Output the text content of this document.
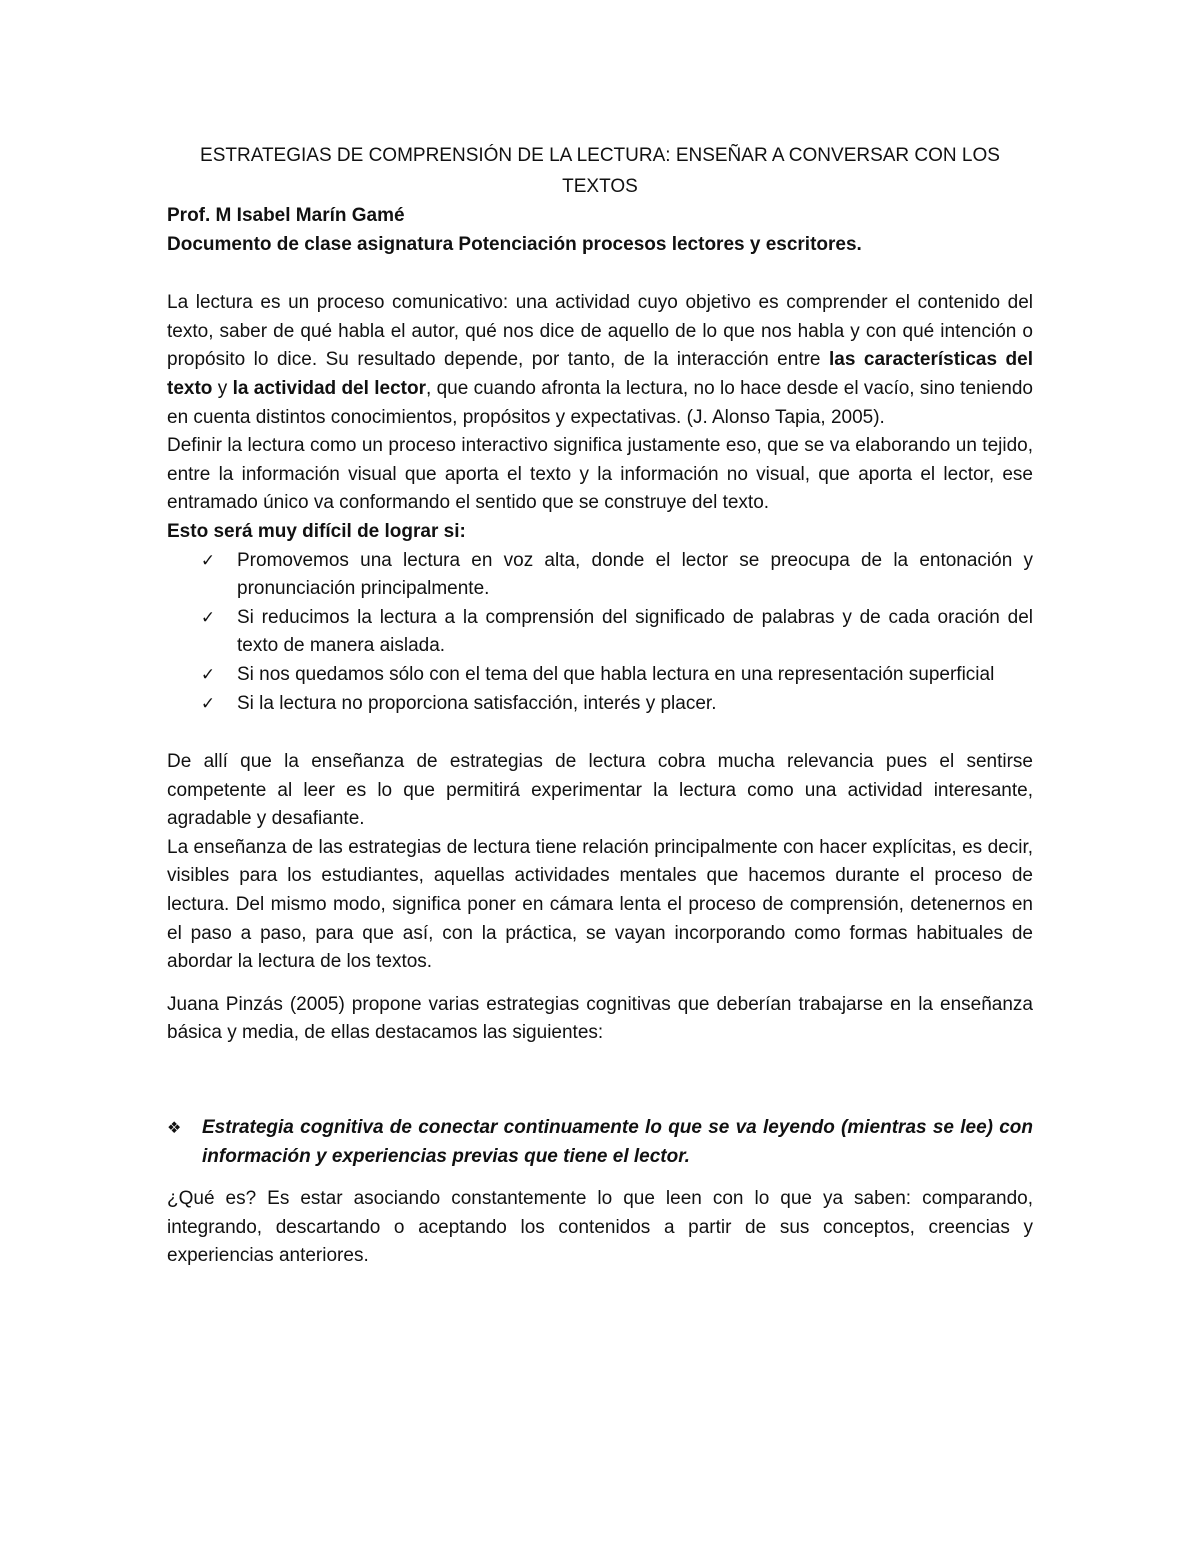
ESTRATEGIAS DE COMPRENSIÓN DE LA LECTURA: ENSEÑAR A CONVERSAR CON LOS TEXTOS

Prof. M Isabel Marín Gamé

Documento de clase asignatura Potenciación procesos lectores y escritores.

La lectura es un proceso comunicativo: una actividad cuyo objetivo es comprender el contenido del texto, saber de qué habla el autor, qué nos dice de aquello de lo que nos habla y con qué intención o propósito lo dice. Su resultado depende, por tanto, de la interacción entre las características del texto y la actividad del lector, que cuando afronta la lectura, no lo hace desde el vacío, sino teniendo en cuenta distintos conocimientos, propósitos y expectativas. (J. Alonso Tapia, 2005).

Definir la lectura como un proceso interactivo significa justamente eso, que se va elaborando un tejido, entre la información visual que aporta el texto y la información no visual, que aporta el lector, ese entramado único va conformando el sentido que se construye del texto.

Esto será muy difícil de lograr si:

✓ Promovemos una lectura en voz alta, donde el lector se preocupa de la entonación y pronunciación principalmente.
✓ Si reducimos la lectura a la comprensión del significado de palabras y de cada oración del texto de manera aislada.
✓ Si nos quedamos sólo con el tema del que habla lectura en una representación superficial
✓ Si la lectura no proporciona satisfacción, interés y placer.

De allí que la enseñanza de estrategias de lectura cobra mucha relevancia pues el sentirse competente al leer es lo que permitirá experimentar la lectura como una actividad interesante, agradable y desafiante.

La enseñanza de las estrategias de lectura tiene relación principalmente con hacer explícitas, es decir, visibles para los estudiantes, aquellas actividades mentales que hacemos durante el proceso de lectura. Del mismo modo, significa poner en cámara lenta el proceso de comprensión, detenernos en el paso a paso, para que así, con la práctica, se vayan incorporando como formas habituales de abordar la lectura de los textos.

Juana Pinzás (2005) propone varias estrategias cognitivas que deberían trabajarse en la enseñanza básica y media, de ellas destacamos las siguientes:

❖ Estrategia cognitiva de conectar continuamente lo que se va leyendo (mientras se lee) con información y experiencias previas que tiene el lector.

¿Qué es? Es estar asociando constantemente lo que leen con lo que ya saben: comparando, integrando, descartando o aceptando los contenidos a partir de sus conceptos, creencias y experiencias anteriores.
